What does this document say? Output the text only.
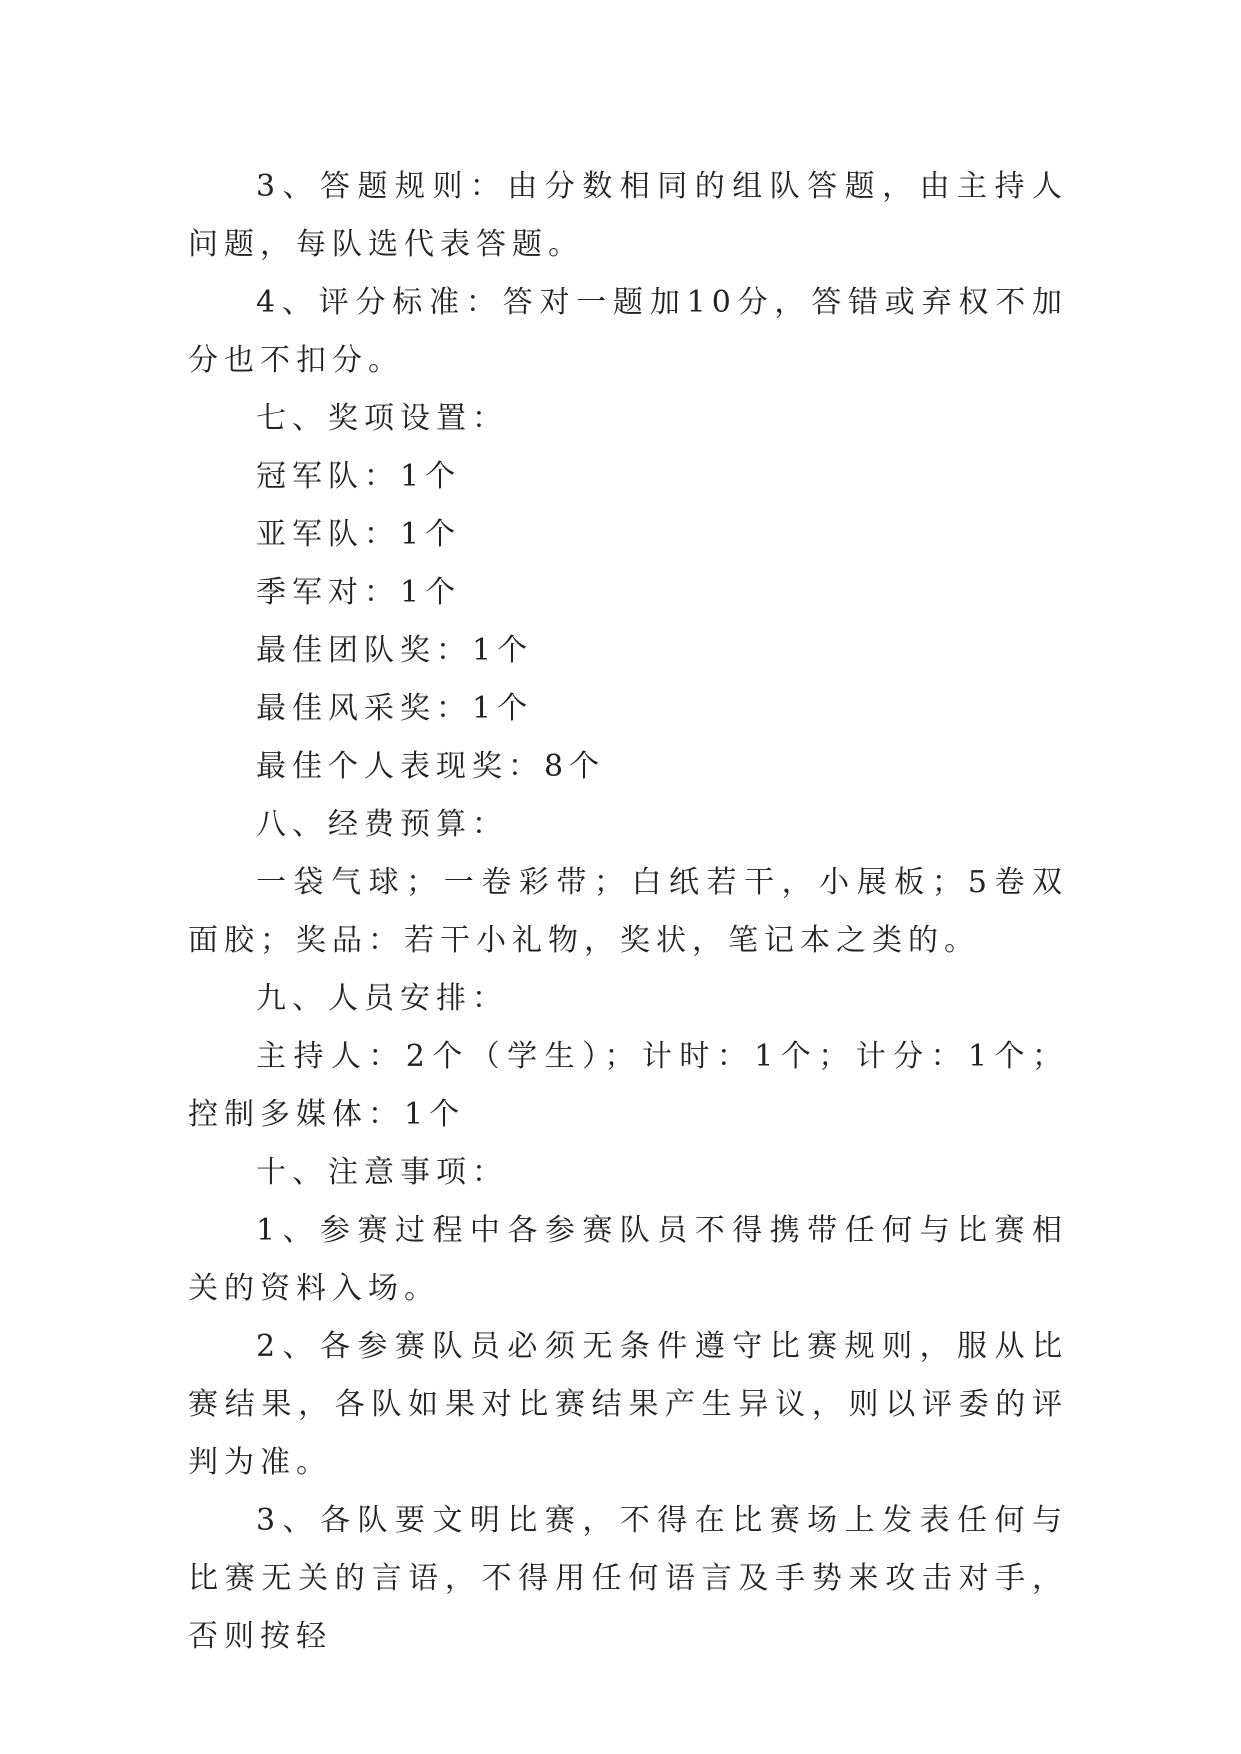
3、答题规则：由分数相同的组队答题，由主持人问题，每队选代表答题。

4、评分标准：答对一题加10分，答错或弃权不加分也不扣分。

七、奖项设置：

冠军队：1个

亚军队：1个

季军对：1个

最佳团队奖：1个

最佳风采奖：1个

最佳个人表现奖：8个

八、经费预算：

一袋气球；一卷彩带；白纸若干，小展板；5卷双面胶；奖品：若干小礼物，奖状，笔记本之类的。

九、人员安排：

主持人：2个（学生）；计时：1个；计分：1个；控制多媒体：1个

十、注意事项：

1、参赛过程中各参赛队员不得携带任何与比赛相关的资料入场。

2、各参赛队员必须无条件遵守比赛规则，服从比赛结果，各队如果对比赛结果产生异议，则以评委的评判为准。

3、各队要文明比赛，不得在比赛场上发表任何与比赛无关的言语，不得用任何语言及手势来攻击对手，否则按轻
